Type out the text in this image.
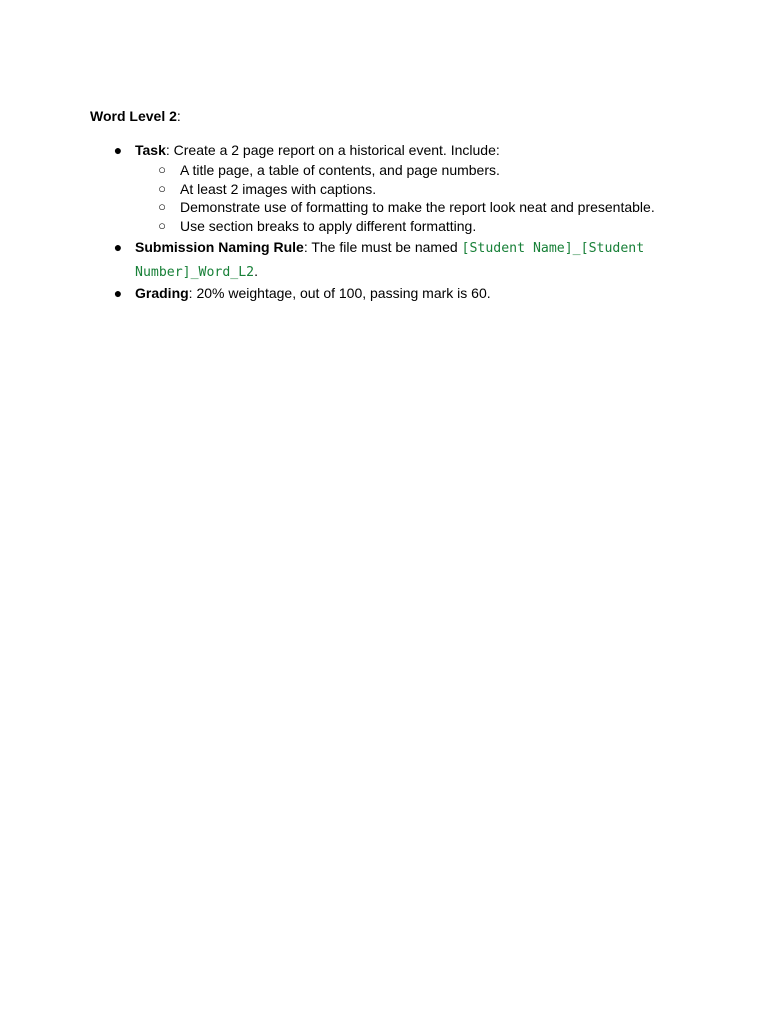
Word Level 2:

● Task: Create a 2 page report on a historical event. Include:
○ A title page, a table of contents, and page numbers.
○ At least 2 images with captions.
○ Demonstrate use of formatting to make the report look neat and presentable.
○ Use section breaks to apply different formatting.
● Submission Naming Rule: The file must be named [Student Name]_[Student Number]_Word_L2.
● Grading: 20% weightage, out of 100, passing mark is 60.
